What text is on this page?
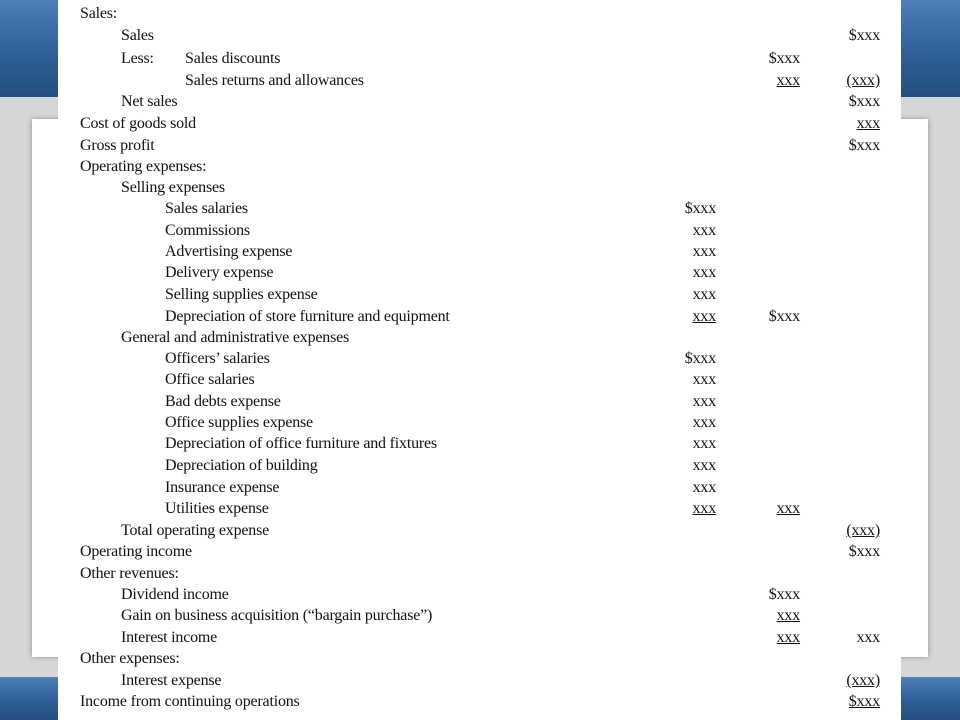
Sales:
Sales	$xxx
Less: Sales discounts	$xxx
Sales returns and allowances	xxx	(xxx)
Net sales	$xxx
Cost of goods sold	xxx
Gross profit	$xxx
Operating expenses:
Selling expenses
Sales salaries	$xxx
Commissions	xxx
Advertising expense	xxx
Delivery expense	xxx
Selling supplies expense	xxx
Depreciation of store furniture and equipment	xxx	$xxx
General and administrative expenses
Officers’ salaries	$xxx
Office salaries	xxx
Bad debts expense	xxx
Office supplies expense	xxx
Depreciation of office furniture and fixtures	xxx
Depreciation of building	xxx
Insurance expense	xxx
Utilities expense	xxx	xxx
Total operating expense	(xxx)
Operating income	$xxx
Other revenues:
Dividend income	$xxx
Gain on business acquisition (“bargain purchase”)	xxx
Interest income	xxx	xxx
Other expenses:
Interest expense	(xxx)
Income from continuing operations	$xxx
